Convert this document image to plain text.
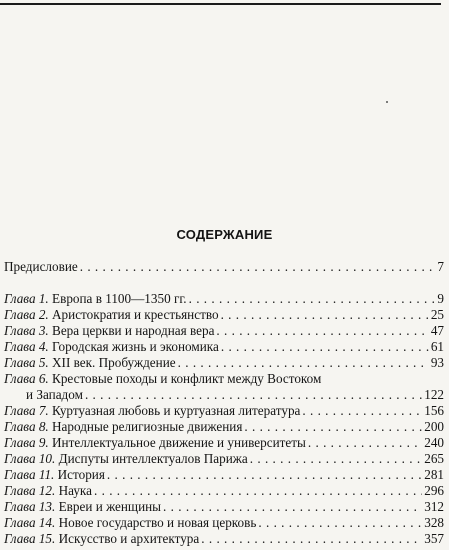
СОДЕРЖАНИЕ
Предисловие . . .	7
Глава 1.
Европа в 1100—1350 гг. . . .	9
Глава 2.
Аристократия и крестьянство . . .	25
Глава 3.
Вера церкви и народная вера . . .	47
Глава 4.
Городская жизнь и экономика . . .	61
Глава 5.
XII век. Пробуждение . . .	93
Глава 6.
Крестовые походы и конфликт между Востоком
и Западом . . .	122
Глава 7.
Куртуазная любовь и куртуазная литература . . .	156
Глава 8.
Народные религиозные движения . . .	200
Глава 9.
Интеллектуальное движение и университеты . . .	240
Глава 10.
Диспуты интеллектуалов Парижа . . .	265
Глава 11.
История . . .	281
Глава 12.
Наука . . .	296
Глава 13.
Евреи и женщины . . .	312
Глава 14.
Новое государство и новая церковь . . .	328
Глава 15.
Искусство и архитектура . . .	357
